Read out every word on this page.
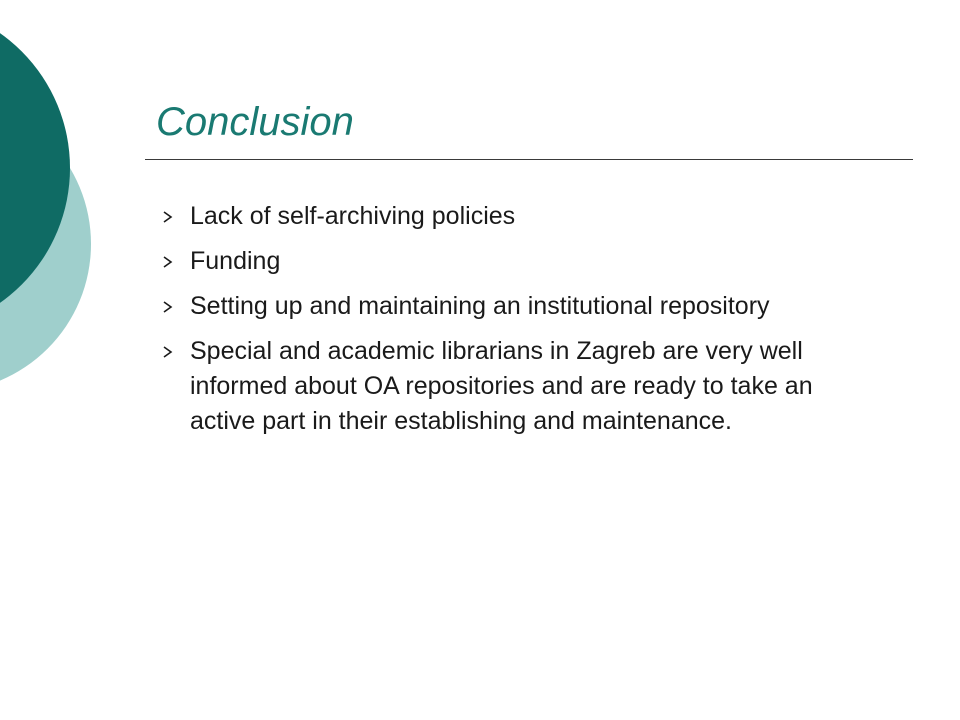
Conclusion
Lack of self-archiving policies
Funding
Setting up and maintaining an institutional repository
Special and academic librarians in Zagreb are very well informed about OA repositories and are ready to take an active part in their establishing and maintenance.
